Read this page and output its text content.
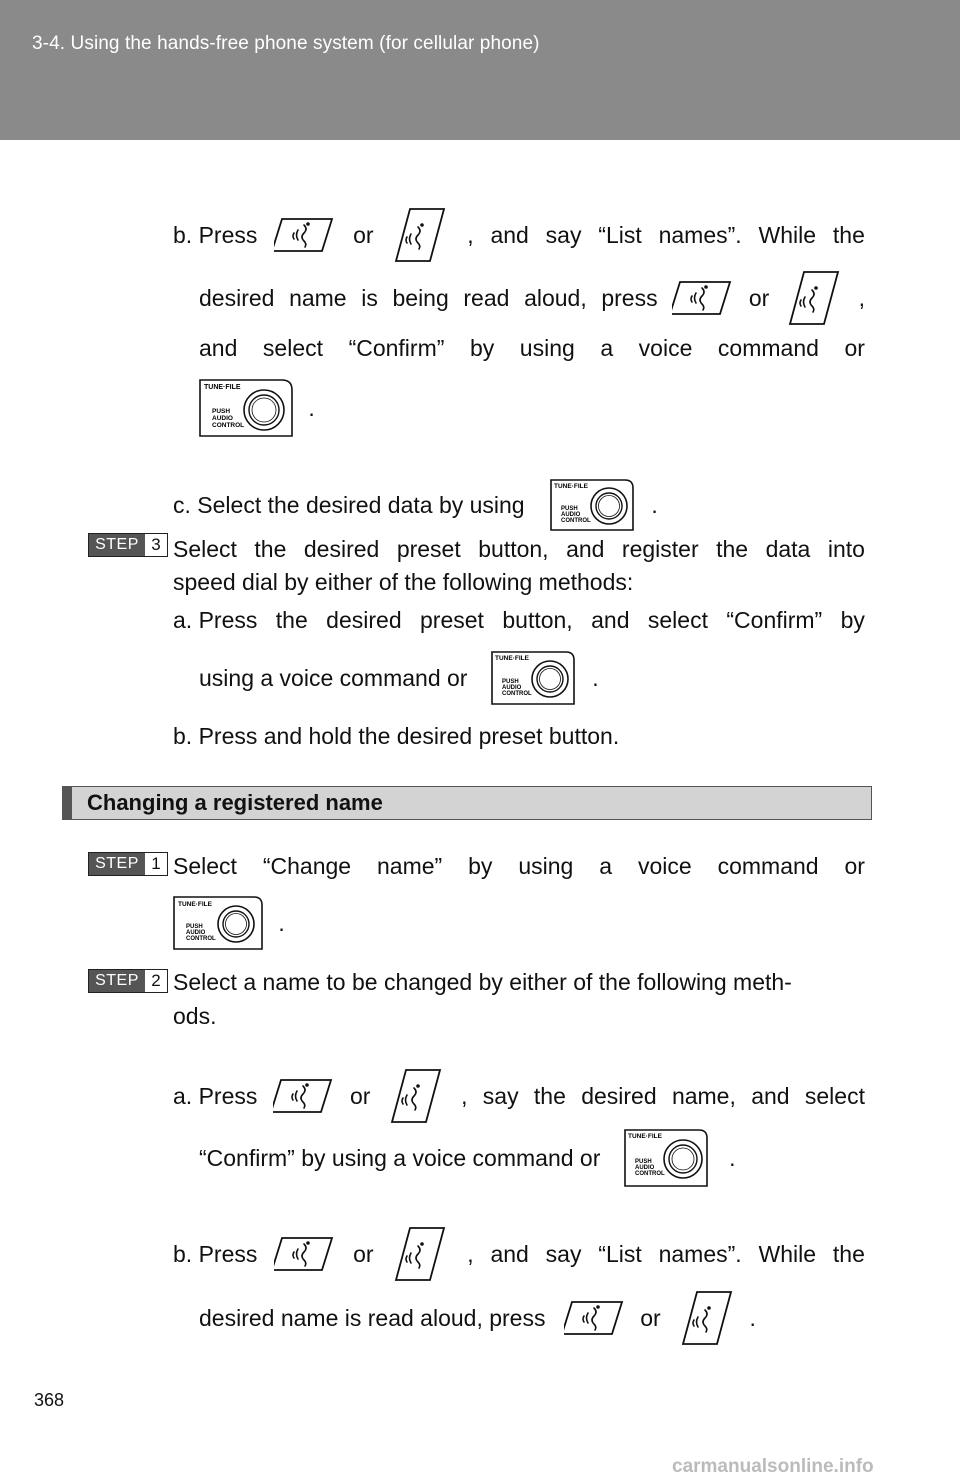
3-4. Using the hands-free phone system (for cellular phone)
b. Press	or	, and say “List names”. While the
desired name is being read aloud, press	or	,
and select “Confirm” by using a voice command or
TUNE·FILE
PUSH
AUDIO
CONTROL
.
c. Select the desired data by using
TUNE·FILE
PUSH
AUDIO
CONTROL
.
STEP 3 Select the desired preset button, and register the data into
speed dial by either of the following methods:
a. Press the desired preset button, and select “Confirm” by
using a voice command or
TUNE·FILE
PUSH
AUDIO
CONTROL
.
b. Press and hold the desired preset button.
Changing a registered name
STEP 1 Select “Change name” by using a voice command or
TUNE·FILE
PUSH
AUDIO
CONTROL
.
STEP 2 Select a name to be changed by either of the following meth-
ods.
a. Press	or	, say the desired name, and select
“Confirm” by using a voice command or
TUNE·FILE
PUSH
AUDIO
CONTROL
.
b. Press	or	, and say “List names”. While the
desired name is read aloud, press	or	.
368
carmanualsonline.info
